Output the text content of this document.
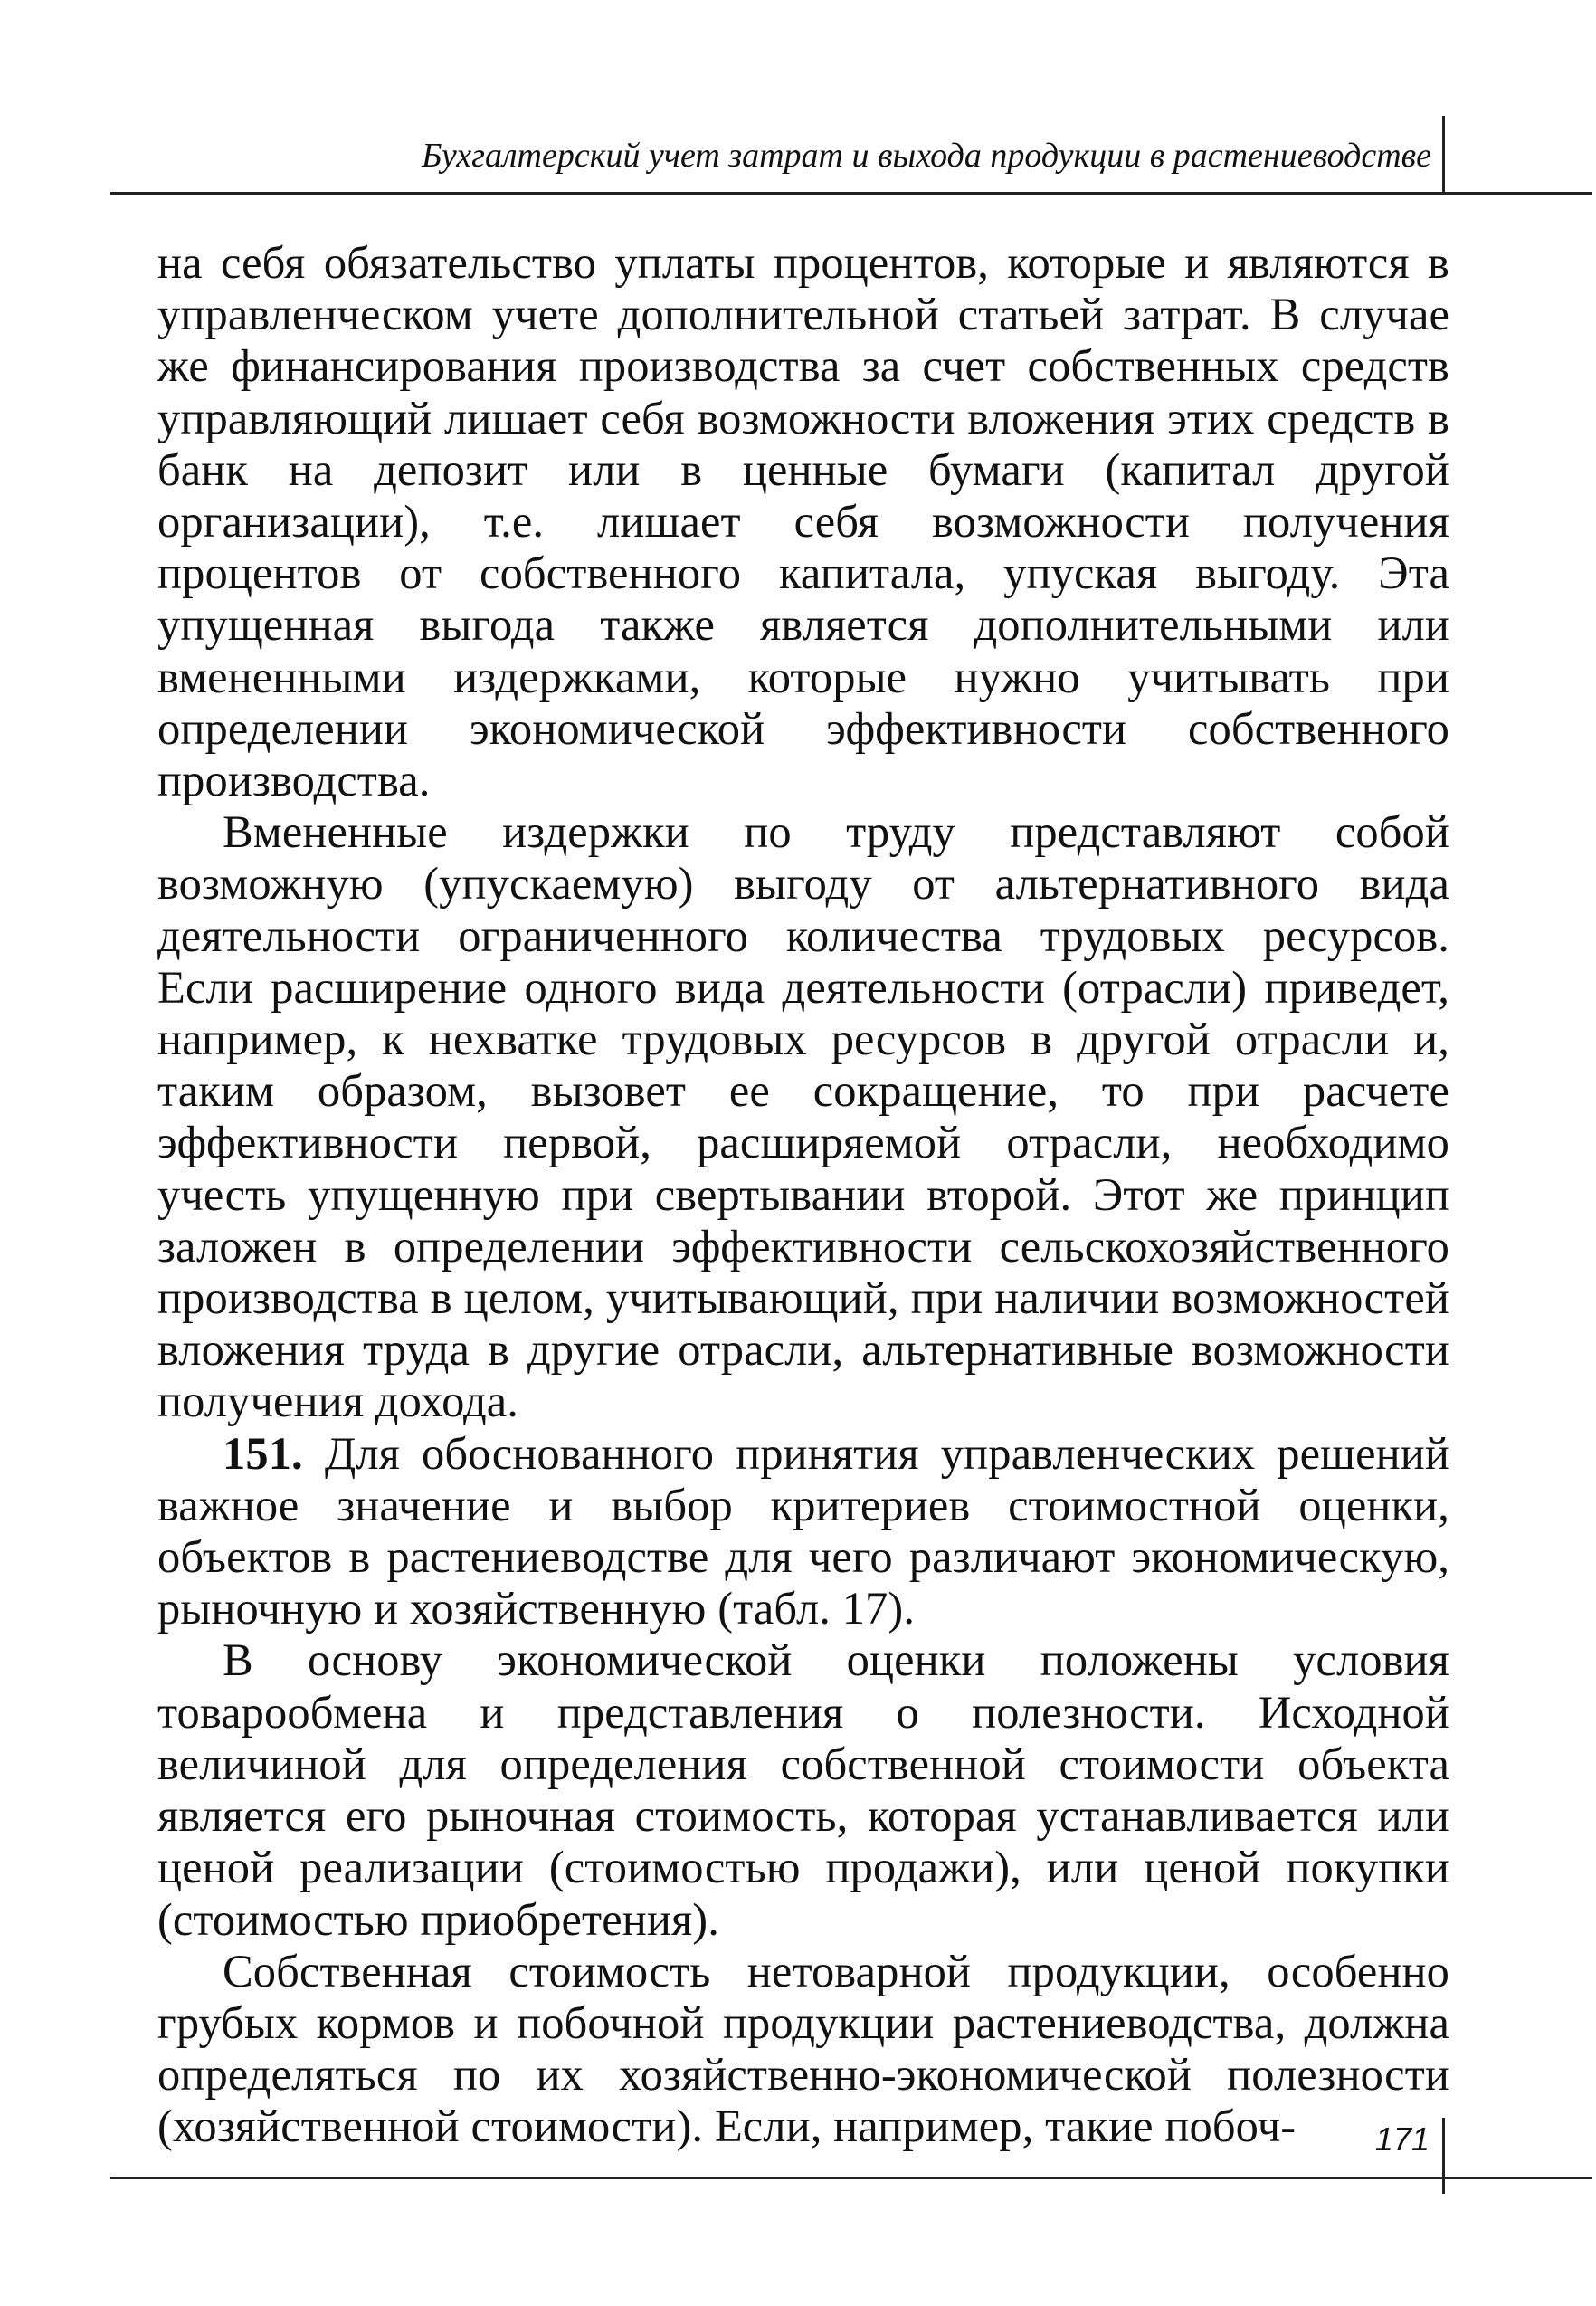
Бухгалтерский учет затрат и выхода продукции в растениеводстве

на себя обязательство уплаты процентов, которые и являются в управленческом учете дополнительной статьей затрат. В случае же финансирования производства за счет собственных средств управляющий лишает себя возможности вложения этих средств в банк на депозит или в ценные бумаги (капитал другой организации), т.е. лишает себя возможности получения процентов от собственного капитала, упуская выгоду. Эта упущенная выгода также является дополнительными или вмененными издержками, которые нужно учитывать при определении экономической эффективности собственного производства.

Вмененные издержки по труду представляют собой возможную (упускаемую) выгоду от альтернативного вида деятельности ограниченного количества трудовых ресурсов. Если расширение одного вида деятельности (отрасли) приведет, например, к нехватке трудовых ресурсов в другой отрасли и, таким образом, вызовет ее сокращение, то при расчете эффективности первой, расширяемой отрасли, необходимо учесть упущенную при свертывании второй. Этот же принцип заложен в определении эффективности сельскохозяйственного производства в целом, учитывающий, при наличии возможностей вложения труда в другие отрасли, альтернативные возможности получения дохода.

151. Для обоснованного принятия управленческих решений важное значение и выбор критериев стоимостной оценки, объектов в растениеводстве для чего различают экономическую, рыночную и хозяйственную (табл. 17).

В основу экономической оценки положены условия товарообмена и представления о полезности. Исходной величиной для определения собственной стоимости объекта является его рыночная стоимость, которая устанавливается или ценой реализации (стоимостью продажи), или ценой покупки (стоимостью приобретения).

Собственная стоимость нетоварной продукции, особенно грубых кормов и побочной продукции растениеводства, должна определяться по их хозяйственно-экономической полезности (хозяйственной стоимости). Если, например, такие побоч-	171
